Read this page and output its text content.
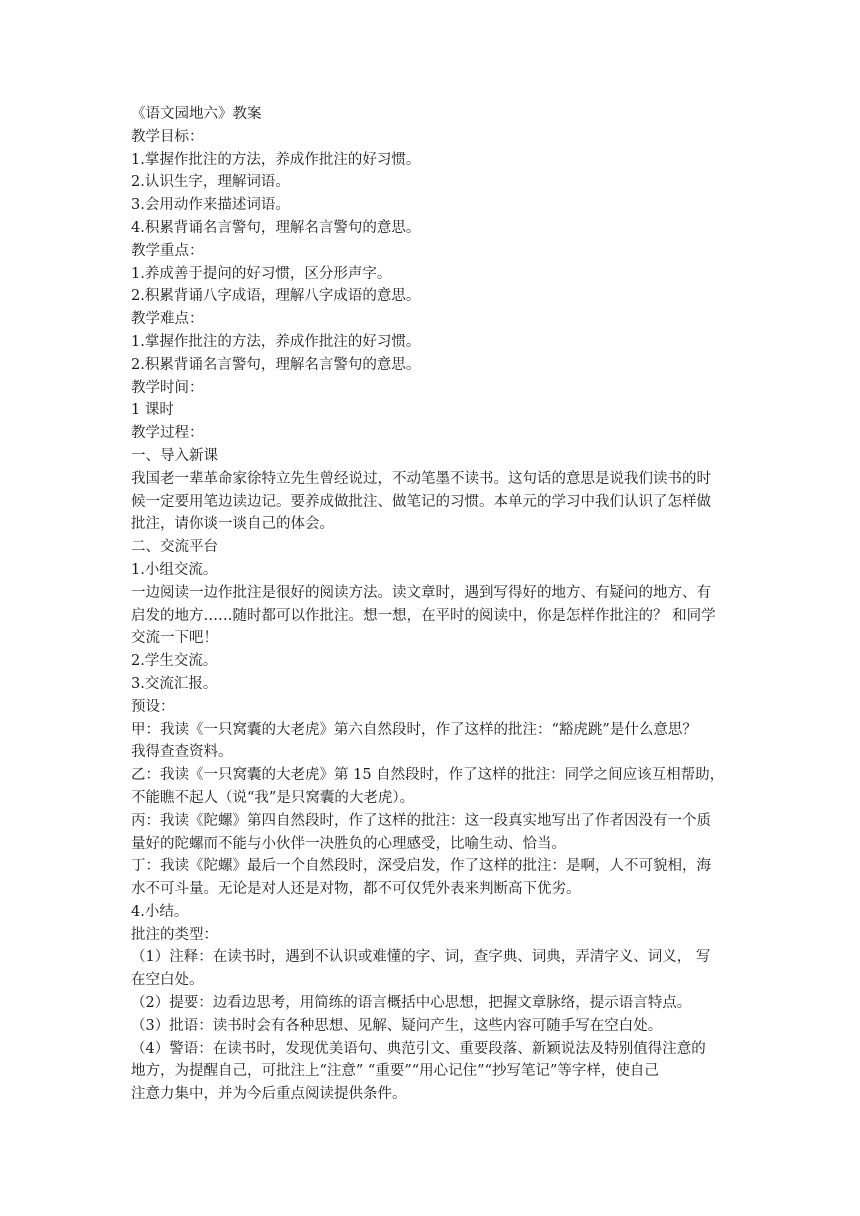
《语文园地六》教案

教学目标：

1.掌握作批注的方法，养成作批注的好习惯。

2.认识生字，理解词语。

3.会用动作来描述词语。

4.积累背诵名言警句，理解名言警句的意思。

教学重点：

1.养成善于提问的好习惯，区分形声字。

2.积累背诵八字成语，理解八字成语的意思。

教学难点：

1.掌握作批注的方法，养成作批注的好习惯。

2.积累背诵名言警句，理解名言警句的意思。

教学时间：

1 课时

教学过程：

一、导入新课

我国老一辈革命家徐特立先生曾经说过，不动笔墨不读书。这句话的意思是说我们读书的时

候一定要用笔边读边记。要养成做批注、做笔记的习惯。本单元的学习中我们认识了怎样做

批注，请你谈一谈自己的体会。

二、交流平台

1.小组交流。

一边阅读一边作批注是很好的阅读方法。读文章时，遇到写得好的地方、有疑问的地方、有

启发的地方……随时都可以作批注。想一想，在平时的阅读中，你是怎样作批注的？ 和同学

交流一下吧！

2.学生交流。

3.交流汇报。

预设：

甲：我读《一只窝囊的大老虎》第六自然段时，作了这样的批注：“豁虎跳”是什么意思？

我得查查资料。

乙：我读《一只窝囊的大老虎》第 15 自然段时，作了这样的批注：同学之间应该互相帮助，

不能瞧不起人（说“我”是只窝囊的大老虎）。

丙：我读《陀螺》第四自然段时，作了这样的批注：这一段真实地写出了作者因没有一个质

量好的陀螺而不能与小伙伴一决胜负的心理感受，比喻生动、恰当。

丁：我读《陀螺》最后一个自然段时，深受启发，作了这样的批注：是啊，人不可貌相，海

水不可斗量。无论是对人还是对物，都不可仅凭外表来判断高下优劣。

4.小结。

批注的类型：

（1）注释：在读书时，遇到不认识或难懂的字、词，查字典、词典，弄清字义、词义， 写

在空白处。

（2）提要：边看边思考，用简练的语言概括中心思想，把握文章脉络，提示语言特点。

（3）批语：读书时会有各种思想、见解、疑问产生，这些内容可随手写在空白处。

（4）警语：在读书时，发现优美语句、典范引文、重要段落、新颖说法及特别值得注意的

地方，为提醒自己，可批注上“注意” “重要”“用心记住”“抄写笔记”等字样，使自己

注意力集中，并为今后重点阅读提供条件。
